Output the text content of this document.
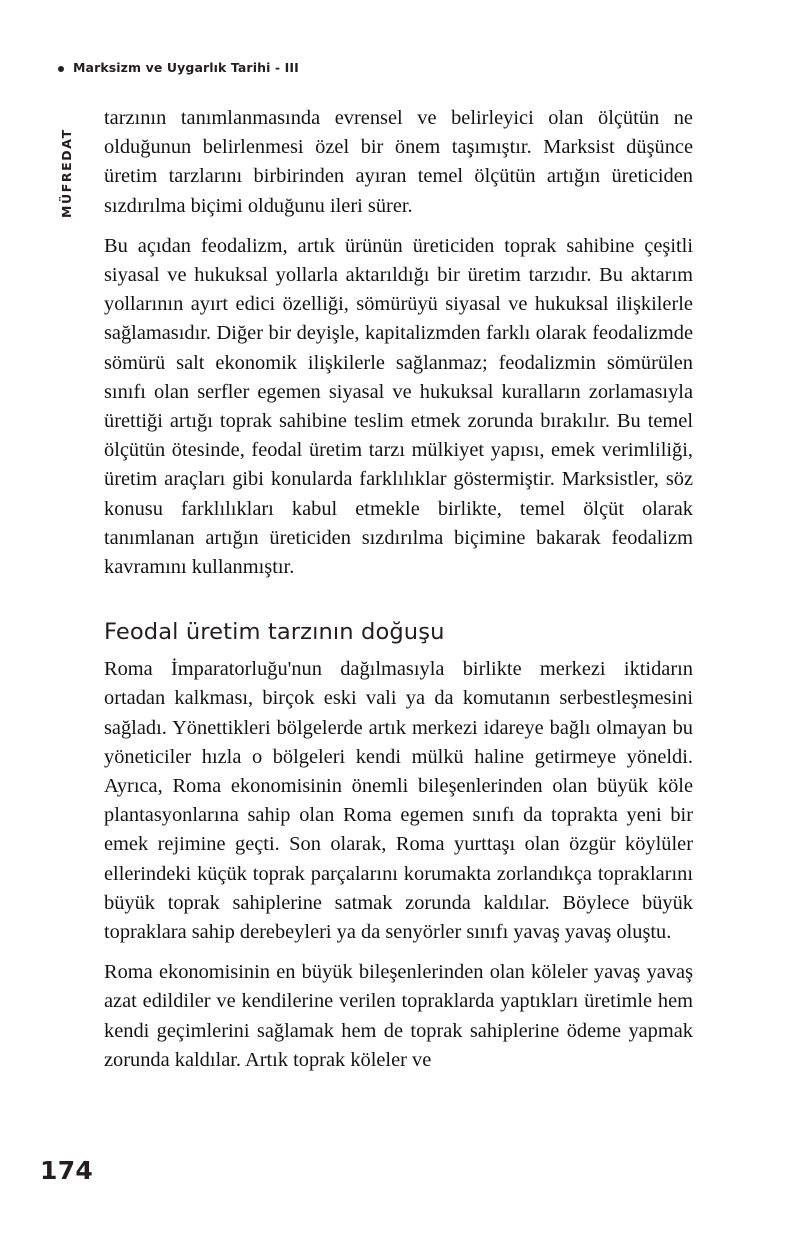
Marksizm ve Uygarlık Tarihi - III
MÜFREDAT

tarzının tanımlanmasında evrensel ve belirleyici olan ölçütün ne olduğunun belirlenmesi özel bir önem taşımıştır. Marksist düşünce üretim tarzlarını birbirinden ayıran temel ölçütün artığın üreticiden sızdırılma biçimi olduğunu ileri sürer.

Bu açıdan feodalizm, artık ürünün üreticiden toprak sahibine çeşitli siyasal ve hukuksal yollarla aktarıldığı bir üretim tarzıdır. Bu aktarım yollarının ayırt edici özelliği, sömürüyü siyasal ve hukuksal ilişkilerle sağlamasıdır. Diğer bir deyişle, kapitalizmden farklı olarak feodalizmde sömürü salt ekonomik ilişkilerle sağlanmaz; feodalizmin sömürülen sınıfı olan serfler egemen siyasal ve hukuksal kuralların zorlamasıyla ürettiği artığı toprak sahibine teslim etmek zorunda bırakılır. Bu temel ölçütün ötesinde, feodal üretim tarzı mülkiyet yapısı, emek verimliliği, üretim araçları gibi konularda farklılıklar göstermiştir. Marksistler, söz konusu farklılıkları kabul etmekle birlikte, temel ölçüt olarak tanımlanan artığın üreticiden sızdırılma biçimine bakarak feodalizm kavramını kullanmıştır.

Feodal üretim tarzının doğuşu

Roma İmparatorluğu'nun dağılmasıyla birlikte merkezi iktidarın ortadan kalkması, birçok eski vali ya da komutanın serbestleşmesini sağladı. Yönettikleri bölgelerde artık merkezi idareye bağlı olmayan bu yöneticiler hızla o bölgeleri kendi mülkü haline getirmeye yöneldi. Ayrıca, Roma ekonomisinin önemli bileşenlerinden olan büyük köle plantasyonlarına sahip olan Roma egemen sınıfı da toprakta yeni bir emek rejimine geçti. Son olarak, Roma yurttaşı olan özgür köylüler ellerindeki küçük toprak parçalarını korumakta zorlandıkça topraklarını büyük toprak sahiplerine satmak zorunda kaldılar. Böylece büyük topraklara sahip derebeyleri ya da senyörler sınıfı yavaş yavaş oluştu.

Roma ekonomisinin en büyük bileşenlerinden olan köleler yavaş yavaş azat edildiler ve kendilerine verilen topraklarda yaptıkları üretimle hem kendi geçimlerini sağlamak hem de toprak sahiplerine ödeme yapmak zorunda kaldılar. Artık toprak köleler ve

174
